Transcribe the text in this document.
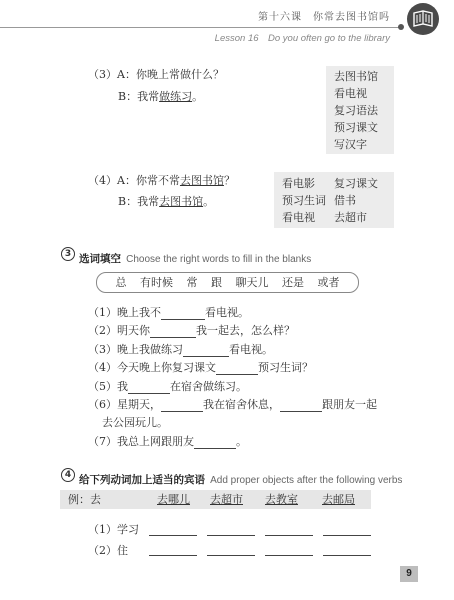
第十六课　你常去图书馆吗
Lesson 16　Do you often go to the library
（3）A：你晚上常做什么？
B：我常做练习。
去图书馆
看电视
复习语法
预习课文
写汉字
（4）A：你常不常去图书馆？
B：我常去图书馆。
看电影 复习课文
预习生词 借书
看电视 去超市
3 选词填空 Choose the right words to fill in the blanks
总 有时候 常 跟 聊天儿 还是 或者
（1）晚上我不	看电视。
（2）明天你	我一起去，怎么样？
（3）晚上我做练习	看电视。
（4）今天晚上你复习课文	预习生词？
（5）我	在宿舍做练习。
（6）星期天，	我在宿舍休息，	跟朋友一起
去公园玩儿。
（7）我总上网跟朋友	。
4 给下列动词加上适当的宾语 Add proper objects after the following verbs
例：去	去哪儿 去超市 去教室 去邮局
（1）学习
（2）住
9
